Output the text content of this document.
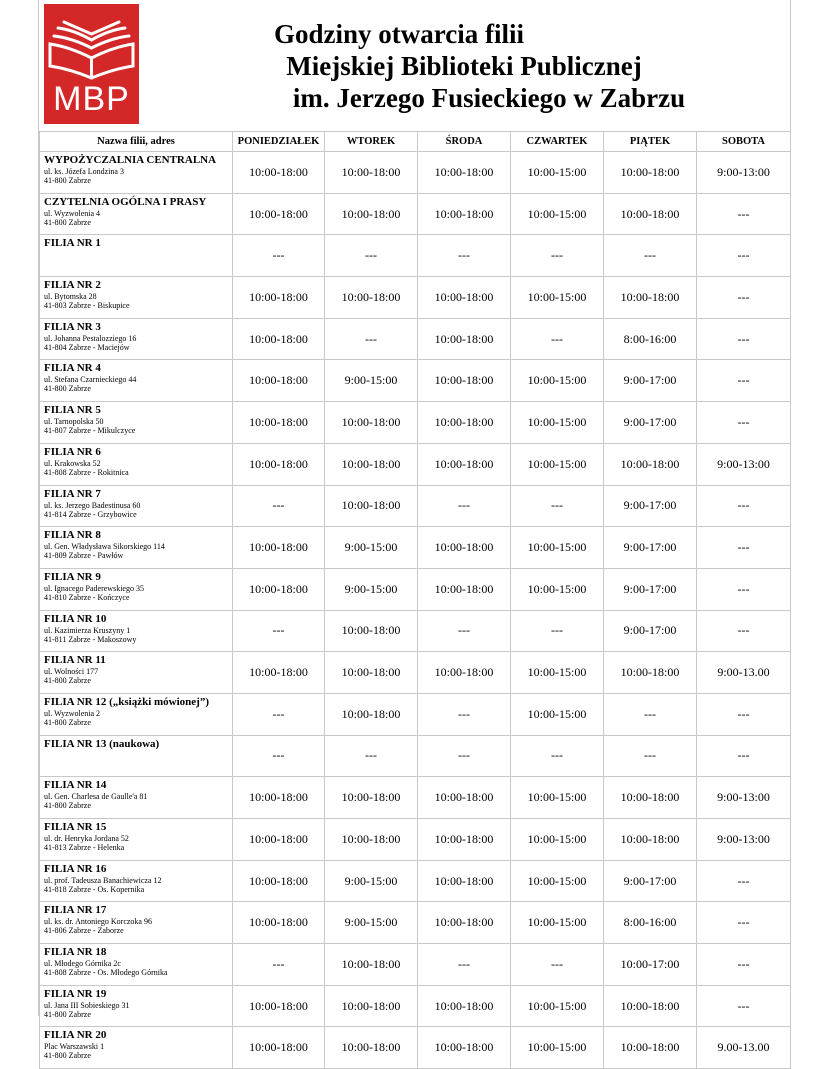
MBP
Godziny otwarcia filii
Miejskiej Biblioteki Publicznej
im. Jerzego Fusieckiego w Zabrzu
Nazwa filii, adres	PONIEDZIAŁEK	WTOREK	ŚRODA	CZWARTEK	PIĄTEK	SOBOTA

WYPOŻYCZALNIA CENTRALNA
ul. ks. Józefa Londzina 3
41-800 Zabrze	10:00-18:00	10:00-18:00	10:00-18:00	10:00-15:00	10:00-18:00	9:00-13:00

CZYTELNIA OGÓLNA I PRASY
ul. Wyzwolenia 4
41-800 Zabrze	10:00-18:00	10:00-18:00	10:00-18:00	10:00-15:00	10:00-18:00	---

FILIA NR 1	---	---	---	---	---	---

FILIA NR 2
ul. Bytomska 28
41-803 Zabrze - Biskupice	10:00-18:00	10:00-18:00	10:00-18:00	10:00-15:00	10:00-18:00	---

FILIA NR 3
ul. Johanna Pestalozziego 16
41-804 Zabrze - Maciejów	10:00-18:00	---	10:00-18:00	---	8:00-16:00	---

FILIA NR 4
ul. Stefana Czarnieckiego 44
41-800 Zabrze	10:00-18:00	9:00-15:00	10:00-18:00	10:00-15:00	9:00-17:00	---

FILIA NR 5
ul. Tarnopolska 50
41-807 Zabrze - Mikulczyce	10:00-18:00	10:00-18:00	10:00-18:00	10:00-15:00	9:00-17:00	---

FILIA NR 6
ul. Krakowska 52
41-808 Zabrze - Rokitnica	10:00-18:00	10:00-18:00	10:00-18:00	10:00-15:00	10:00-18:00	9:00-13:00

FILIA NR 7
ul. ks. Jerzego Badestinusa 60
41-814 Zabrze - Grzybowice	---	10:00-18:00	---	---	9:00-17:00	---

FILIA NR 8
ul. Gen. Władysława Sikorskiego 114
41-809 Zabrze - Pawłów	10:00-18:00	9:00-15:00	10:00-18:00	10:00-15:00	9:00-17:00	---

FILIA NR 9
ul. Ignacego Paderewskiego 35
41-810 Zabrze - Kończyce	10:00-18:00	9:00-15:00	10:00-18:00	10:00-15:00	9:00-17:00	---

FILIA NR 10
ul. Kazimierza Kruszyny 1
41-811 Zabrze - Makoszowy	---	10:00-18:00	---	---	9:00-17:00	---

FILIA NR 11
ul. Wolności 177
41-800 Zabrze	10:00-18:00	10:00-18:00	10:00-18:00	10:00-15:00	10:00-18:00	9:00-13.00

FILIA NR 12 („książki mówionej”)
ul. Wyzwolenia 2
41-800 Zabrze	---	10:00-18:00	---	10:00-15:00	---	---

FILIA NR 13 (naukowa)	---	---	---	---	---	---

FILIA NR 14
ul. Gen. Charlesa de Gaulle'a 81
41-800 Zabrze	10:00-18:00	10:00-18:00	10:00-18:00	10:00-15:00	10:00-18:00	9:00-13:00

FILIA NR 15
ul. dr. Henryka Jordana 52
41-813 Zabrze - Helenka	10:00-18:00	10:00-18:00	10:00-18:00	10:00-15:00	10:00-18:00	9:00-13:00

FILIA NR 16
ul. prof. Tadeusza Banachiewicza 12
41-818 Zabrze - Os. Kopernika	10:00-18:00	9:00-15:00	10:00-18:00	10:00-15:00	9:00-17:00	---

FILIA NR 17
ul. ks. dr. Antoniego Korczoka 96
41-806 Zabrze - Zaborze	10:00-18:00	9:00-15:00	10:00-18:00	10:00-15:00	8:00-16:00	---

FILIA NR 18
ul. Młodego Górnika 2c
41-808 Zabrze - Os. Młodego Górnika	---	10:00-18:00	---	---	10:00-17:00	---

FILIA NR 19
ul. Jana III Sobieskiego 31
41-800 Zabrze	10:00-18:00	10:00-18:00	10:00-18:00	10:00-15:00	10:00-18:00	---

FILIA NR 20
Plac Warszawski 1
41-800 Zabrze	10:00-18:00	10:00-18:00	10:00-18:00	10:00-15:00	10:00-18:00	9.00-13.00
